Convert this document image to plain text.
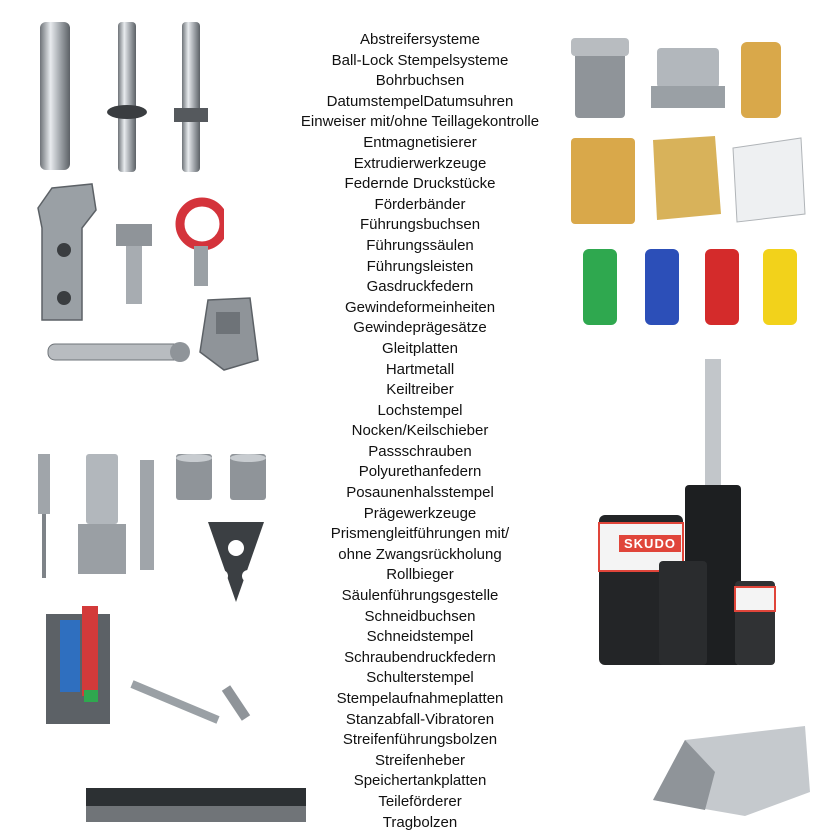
Abstreifersysteme
Ball-Lock Stempelsysteme
Bohrbuchsen
DatumstempelDatumsuhren
Einweiser mit/ohne Teillagekontrolle
Entmagnetisierer
Extrudierwerkzeuge
Federnde Druckstücke
Förderbänder
Führungsbuchsen
Führungssäulen
Führungsleisten
Gasdruckfedern
Gewindeformeinheiten
Gewindeprägesätze
Gleitplatten
Hartmetall
Keiltreiber
Lochstempel
Nocken/Keilschieber
Passschrauben
Polyurethanfedern
Posaunenhalsstempel
Prägewerkzeuge
Prismengleitführungen mit/
ohne Zwangsrückholung
Rollbieger
Säulenführungsgestelle
Schneidbuchsen
Schneidstempel
Schraubendruckfedern
Schulterstempel
Stempelaufnahmeplatten
Stanzabfall-Vibratoren
Streifenführungsbolzen
Streifenheber
Speichertankplatten
Teileförderer
Tragbolzen
SKUDO
